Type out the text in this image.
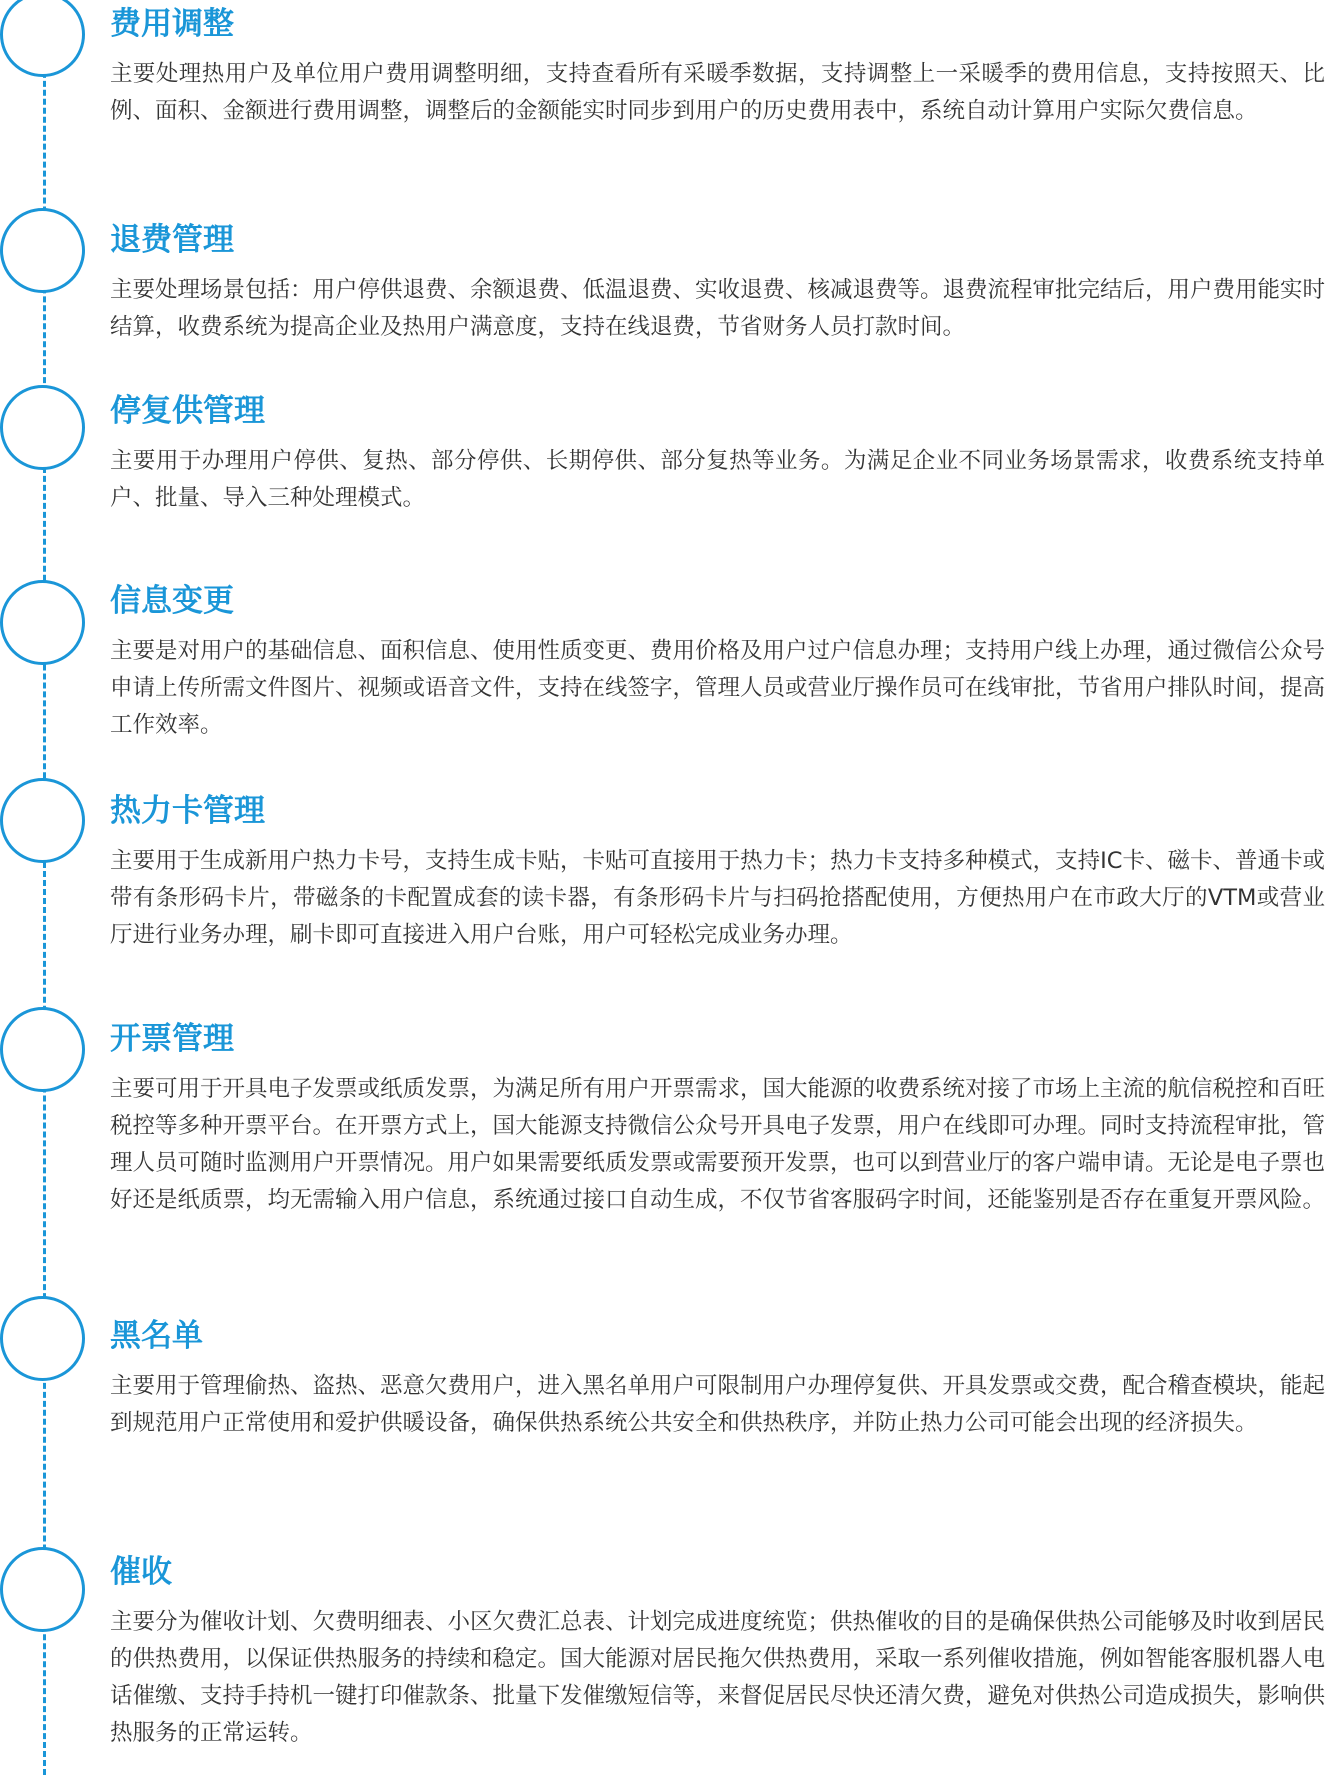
费用调整

主要处理热用户及单位用户费用调整明细，支持查看所有采暖季数据，支持调整上一采暖季的费用信息，支持按照天、比例、面积、金额进行费用调整，调整后的金额能实时同步到用户的历史费用表中，系统自动计算用户实际欠费信息。

退费管理

主要处理场景包括：用户停供退费、余额退费、低温退费、实收退费、核减退费等。退费流程审批完结后，用户费用能实时结算，收费系统为提高企业及热用户满意度，支持在线退费，节省财务人员打款时间。

停复供管理

主要用于办理用户停供、复热、部分停供、长期停供、部分复热等业务。为满足企业不同业务场景需求，收费系统支持单户、批量、导入三种处理模式。

信息变更

主要是对用户的基础信息、面积信息、使用性质变更、费用价格及用户过户信息办理；支持用户线上办理，通过微信公众号申请上传所需文件图片、视频或语音文件，支持在线签字，管理人员或营业厅操作员可在线审批，节省用户排队时间，提高工作效率。

热力卡管理

主要用于生成新用户热力卡号，支持生成卡贴，卡贴可直接用于热力卡；热力卡支持多种模式，支持IC卡、磁卡、普通卡或带有条形码卡片，带磁条的卡配置成套的读卡器，有条形码卡片与扫码抢搭配使用，方便热用户在市政大厅的VTM或营业厅进行业务办理，刷卡即可直接进入用户台账，用户可轻松完成业务办理。

开票管理

主要可用于开具电子发票或纸质发票，为满足所有用户开票需求，国大能源的收费系统对接了市场上主流的航信税控和百旺税控等多种开票平台。在开票方式上，国大能源支持微信公众号开具电子发票，用户在线即可办理。同时支持流程审批，管理人员可随时监测用户开票情况。用户如果需要纸质发票或需要预开发票，也可以到营业厅的客户端申请。无论是电子票也好还是纸质票，均无需输入用户信息，系统通过接口自动生成，不仅节省客服码字时间，还能鉴别是否存在重复开票风险。

黑名单

主要用于管理偷热、盗热、恶意欠费用户，进入黑名单用户可限制用户办理停复供、开具发票或交费，配合稽查模块，能起到规范用户正常使用和爱护供暖设备，确保供热系统公共安全和供热秩序，并防止热力公司可能会出现的经济损失。

催收

主要分为催收计划、欠费明细表、小区欠费汇总表、计划完成进度统览；供热催收的目的是确保供热公司能够及时收到居民的供热费用，以保证供热服务的持续和稳定。国大能源对居民拖欠供热费用，采取一系列催收措施，例如智能客服机器人电话催缴、支持手持机一键打印催款条、批量下发催缴短信等，来督促居民尽快还清欠费，避免对供热公司造成损失，影响供热服务的正常运转。
